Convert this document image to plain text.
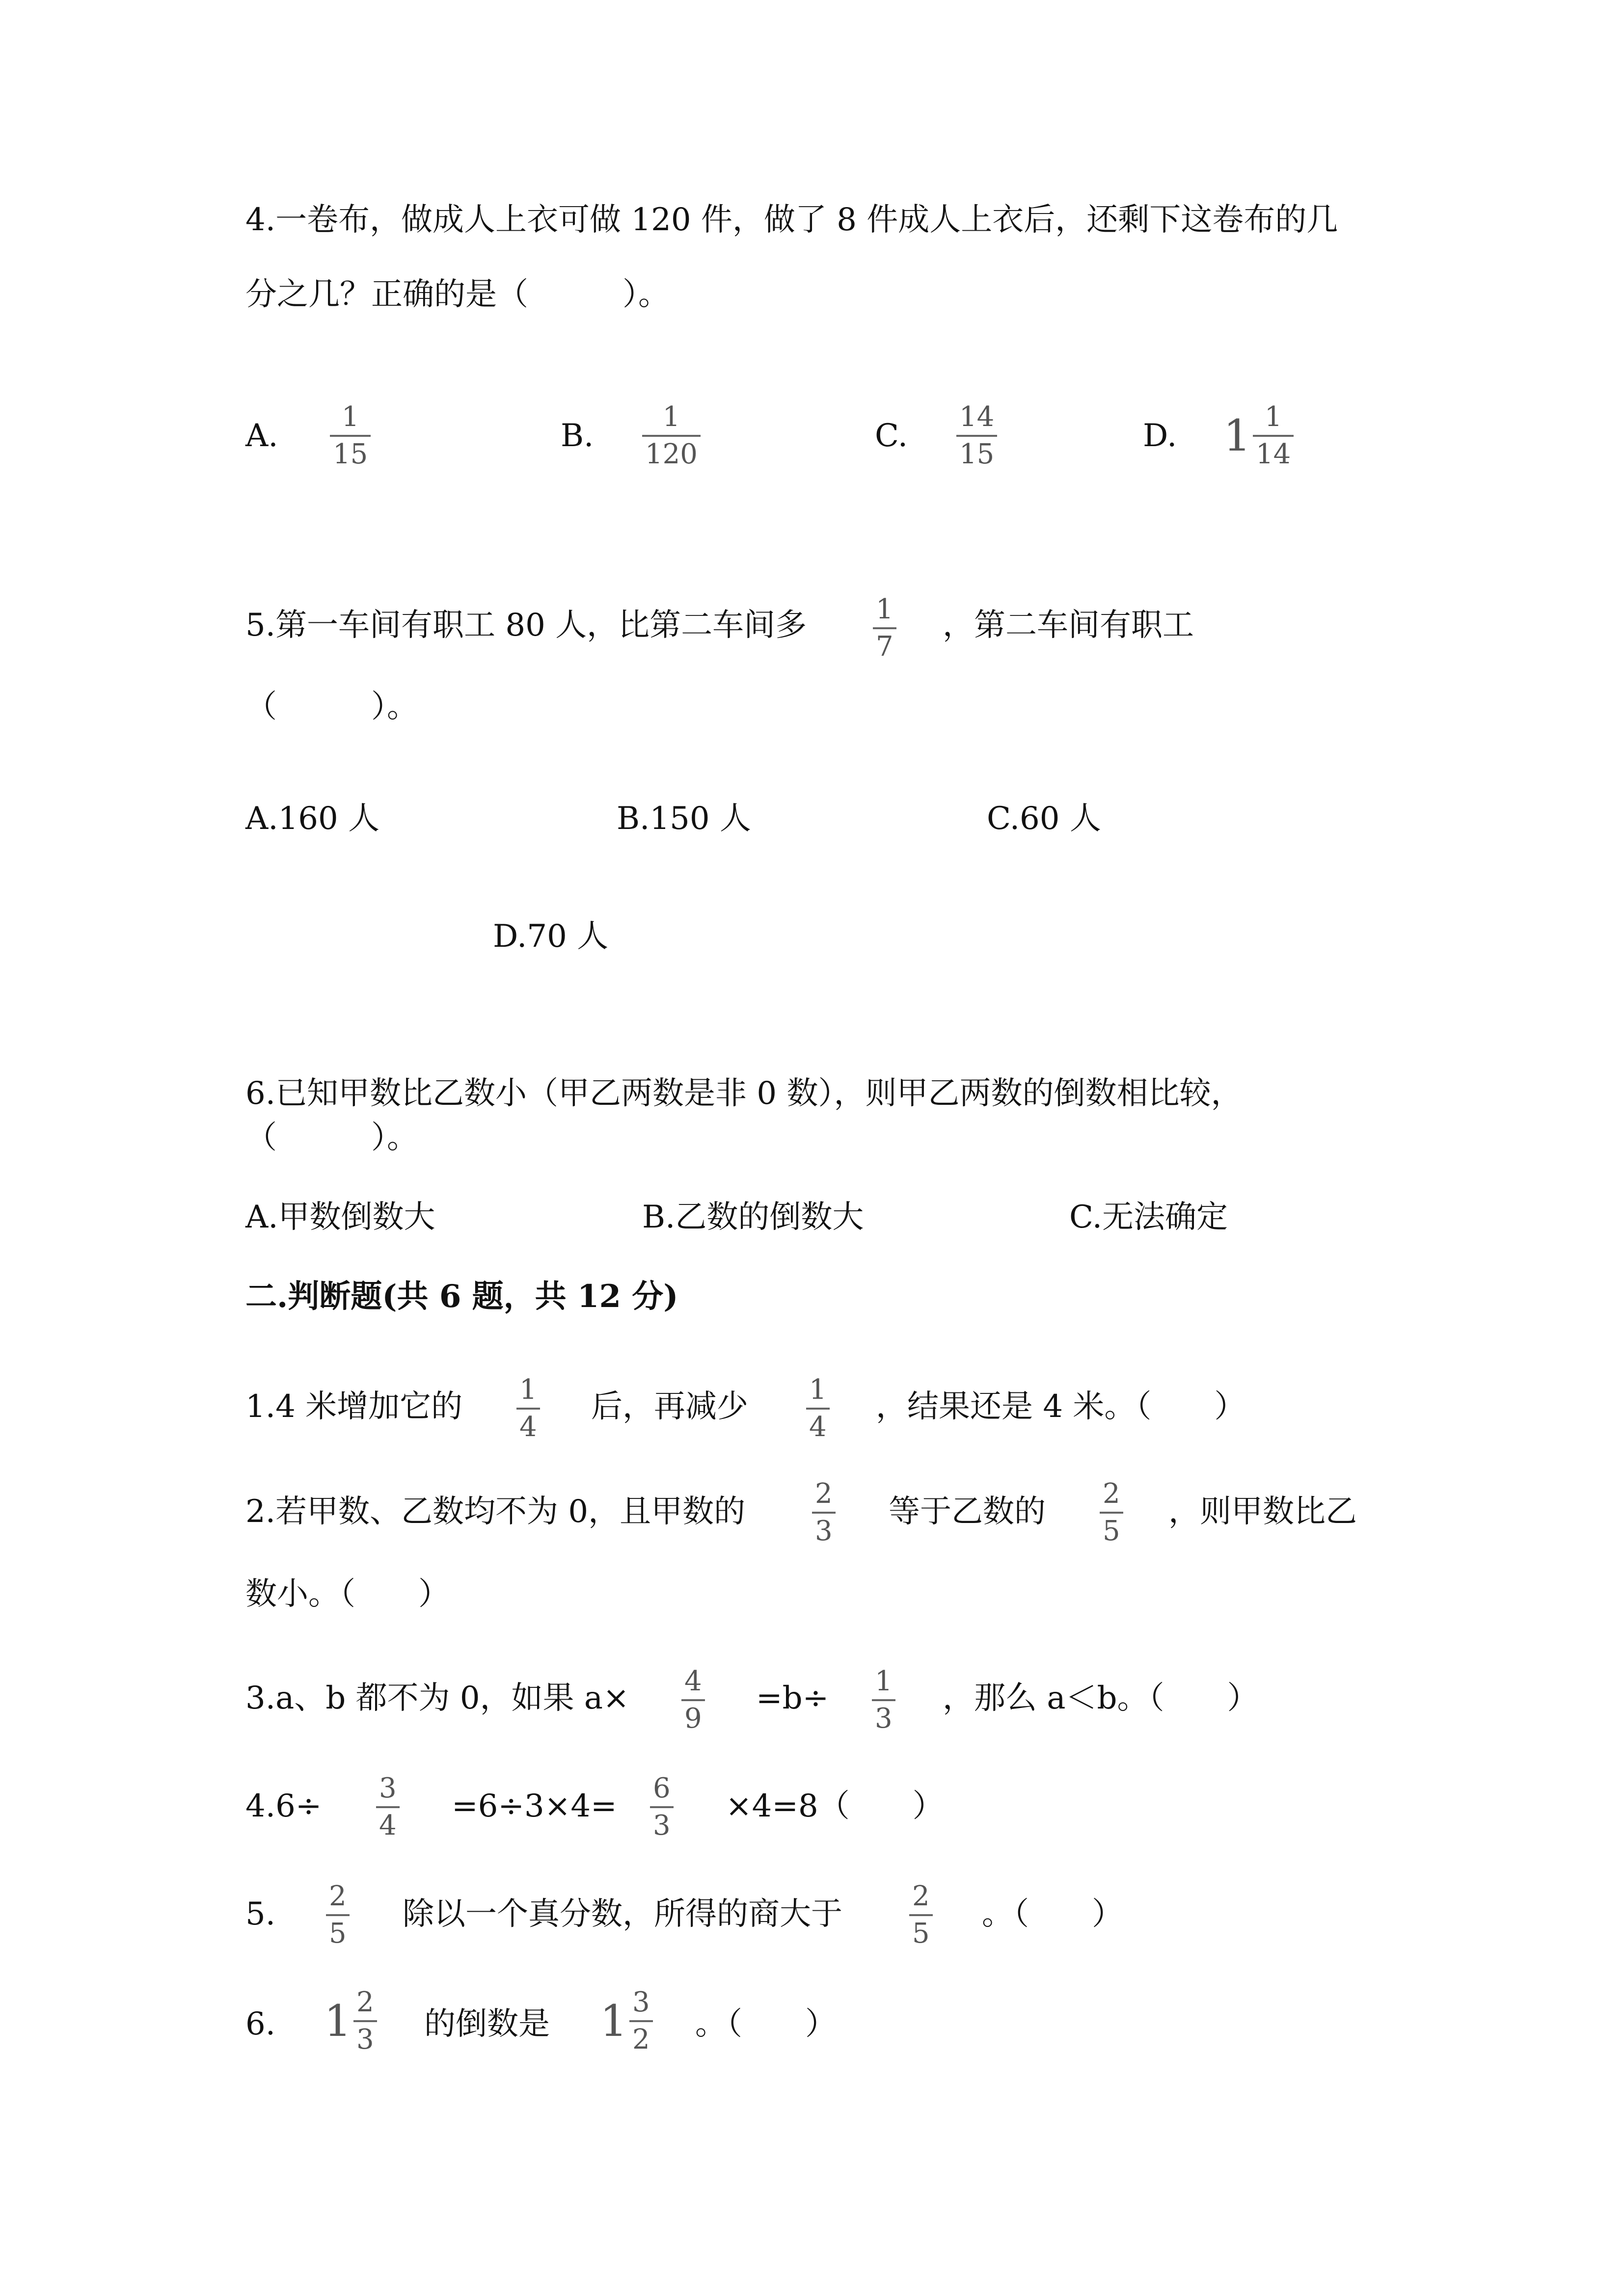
4.一卷布，做成人上衣可做 120 件，做了 8 件成人上衣后，还剩下这卷布的几
分之几？正确的是（　　　）。
A.
1
15
B.
1
120
C.
14
15
D. $1 \frac{1}{14}$
5.第一车间有职工 80 人，比第二车间多	1
7
，第二车间有职工
（　　　）。
A.160 人	B.150 人	C.60 人
D.70 人
6.已知甲数比乙数小（甲乙两数是非 0 数），则甲乙两数的倒数相比较，
（　　　）。
A.甲数倒数大	B.乙数的倒数大	C.无法确定
二.判断题(共 6 题，共 12 分)
1.4 米增加它的 1
4
后，再减少 1
4
，结果还是 4 米。（　　）
2.若甲数、乙数均不为 0，且甲数的	2
3
等于乙数的 2
5
，则甲数比乙
数小。（　　）
3.a、b 都不为 0，如果 a× 4
9
=b÷ 1
3
，那么 a＜b。（　　）
4.6÷ 3
4
=6÷3×4= 6
3
×4=8（　　）
5. 2
5
除以一个真分数，所得的商大于	2
5
。（　　）
6. $1 \frac{2}{3}$ 的倒数是 $1 \frac{3}{2}$ 。（　　）
